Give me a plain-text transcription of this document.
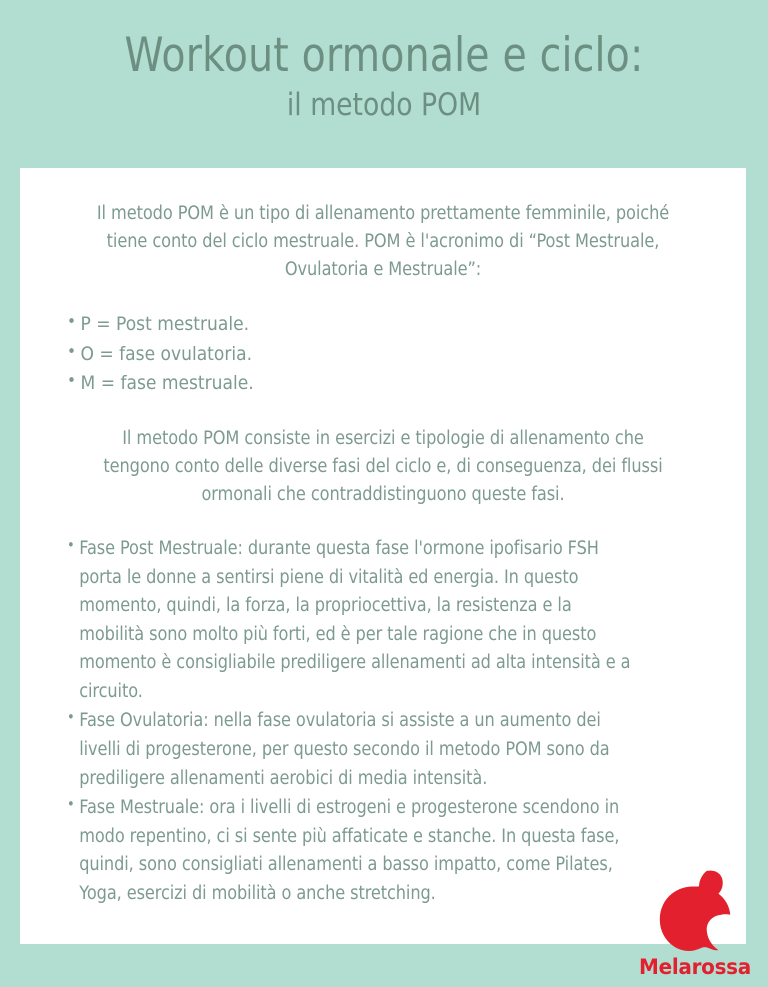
Workout ormonale e ciclo:
il metodo POM

Il metodo POM è un tipo di allenamento prettamente femminile, poiché tiene conto del ciclo mestruale. POM è l'acronimo di “Post Mestruale, Ovulatoria e Mestruale”:

• P = Post mestruale.
• O = fase ovulatoria.
• M = fase mestruale.

Il metodo POM consiste in esercizi e tipologie di allenamento che tengono conto delle diverse fasi del ciclo e, di conseguenza, dei flussi ormonali che contraddistinguono queste fasi.

• Fase Post Mestruale: durante questa fase l'ormone ipofisario FSH porta le donne a sentirsi piene di vitalità ed energia. In questo momento, quindi, la forza, la propriocettiva, la resistenza e la mobilità sono molto più forti, ed è per tale ragione che in questo momento è consigliabile prediligere allenamenti ad alta intensità e a circuito.
• Fase Ovulatoria: nella fase ovulatoria si assiste a un aumento dei livelli di progesterone, per questo secondo il metodo POM sono da prediligere allenamenti aerobici di media intensità.
• Fase Mestruale: ora i livelli di estrogeni e progesterone scendono in modo repentino, ci si sente più affaticate e stanche. In questa fase, quindi, sono consigliati allenamenti a basso impatto, come Pilates, Yoga, esercizi di mobilità o anche stretching.
Melarossa
